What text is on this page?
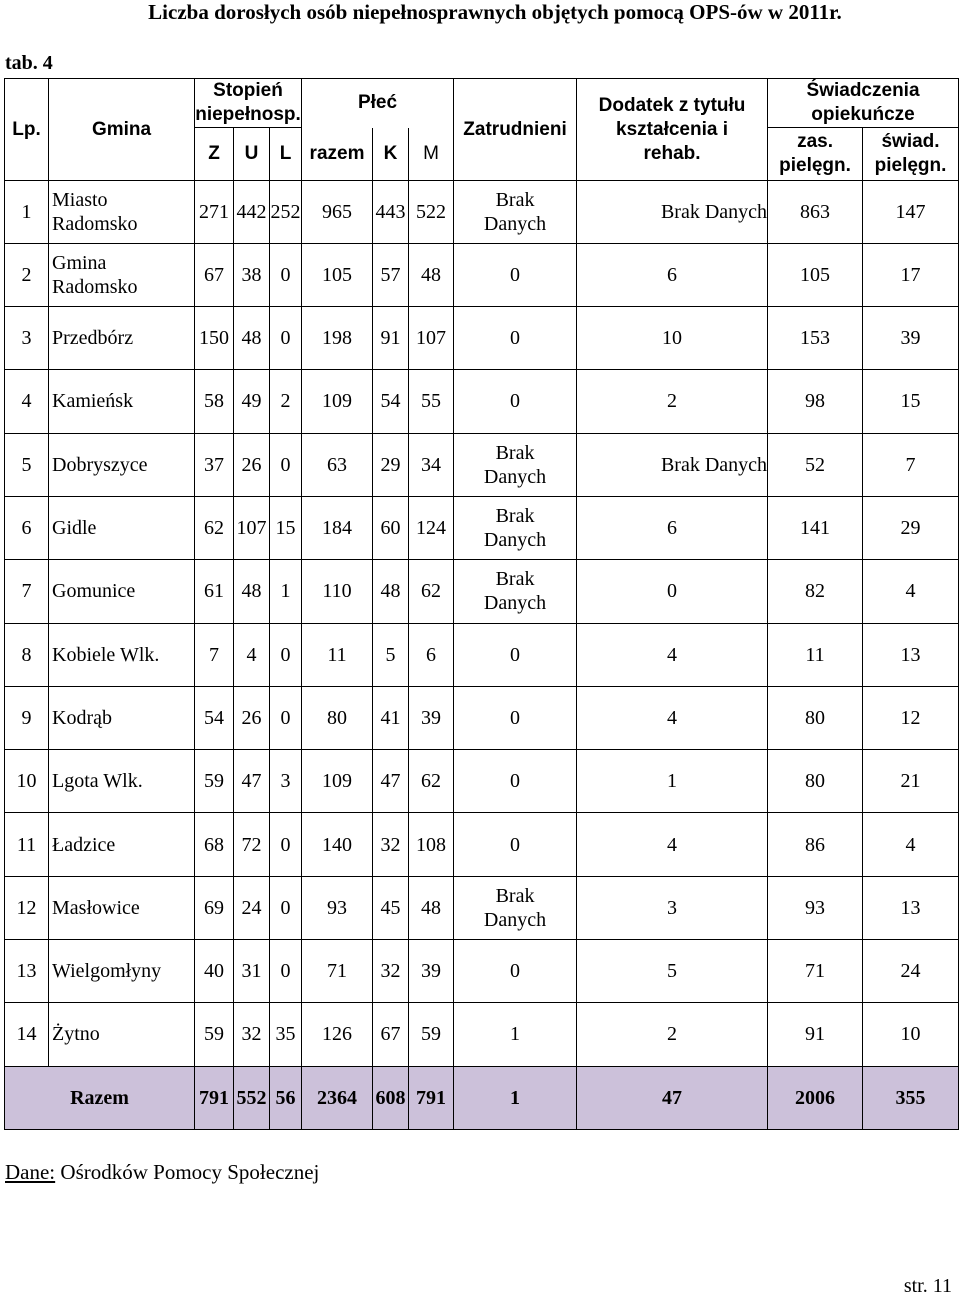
Liczba dorosłych osób niepełnosprawnych objętych pomocą OPS-ów w 2011r.
tab. 4
Lp.	Gmina	Stopień niepełnosp.			Płeć			Zatrudnieni	Dodatek z tytułu kształcenia i rehab.	Świadczenia opiekuńcze	
		Z	U	L	razem	K	M			zas. pielęgn.	świad. pielęgn.
1	Miasto Radomsko	271	442	252	965	443	522	Brak Danych	Brak Danych	863	147
2	Gmina Radomsko	67	38	0	105	57	48	0	6	105	17
3	Przedbórz	150	48	0	198	91	107	0	10	153	39
4	Kamieńsk	58	49	2	109	54	55	0	2	98	15
5	Dobryszyce	37	26	0	63	29	34	Brak Danych	Brak Danych	52	7
6	Gidle	62	107	15	184	60	124	Brak Danych	6	141	29
7	Gomunice	61	48	1	110	48	62	Brak Danych	0	82	4
8	Kobiele Wlk.	7	4	0	11	5	6	0	4	11	13
9	Kodrąb	54	26	0	80	41	39	0	4	80	12
10	Lgota Wlk.	59	47	3	109	47	62	0	1	80	21
11	Ładzice	68	72	0	140	32	108	0	4	86	4
12	Masłowice	69	24	0	93	45	48	Brak Danych	3	93	13
13	Wielgomłyny	40	31	0	71	32	39	0	5	71	24
14	Żytno	59	32	35	126	67	59	1	2	91	10
Razem		791	552	56	2364	608	791	1	47	2006	355
Dane: Ośrodków Pomocy Społecznej
str. 11
